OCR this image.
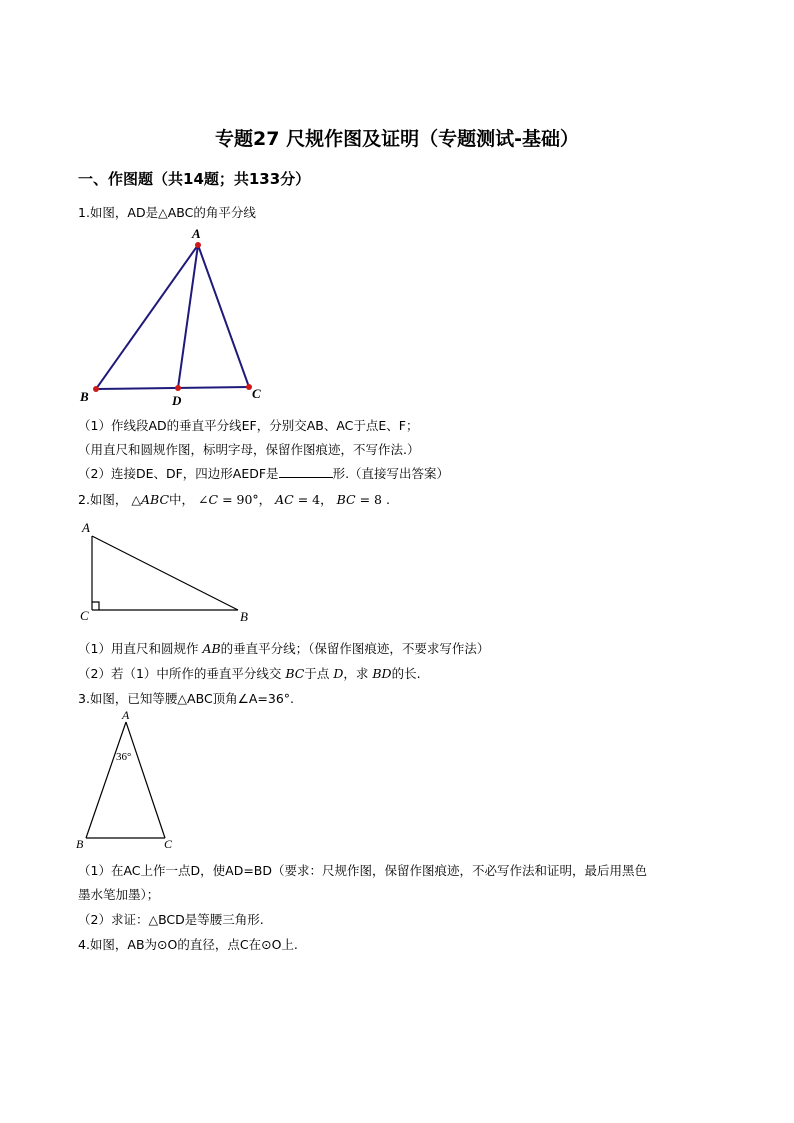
专题27 尺规作图及证明（专题测试-基础）
一、作图题（共14题；共133分）
1.如图，AD是△ABC的角平分线
A
B	C
D
（1）作线段AD的垂直平分线EF，分别交AB、AC于点E、F；
（用直尺和圆规作图，标明字母，保留作图痕迹，不写作法.）
（2）连接DE、DF，四边形AEDF是	形.（直接写出答案）
2.如图， △ABC中， ∠C = 90°， AC = 4， BC = 8 .
A
C	B
（1）用直尺和圆规作 AB的垂直平分线；（保留作图痕迹，不要求写作法）
（2）若（1）中所作的垂直平分线交 BC于点 D，求 BD的长.
3.如图，已知等腰△ABC顶角∠A=36°.
A
B	C
36°
（1）在AC上作一点D，使AD=BD（要求：尺规作图，保留作图痕迹，不必写作法和证明，最后用黑色
墨水笔加墨）；
（2）求证：△BCD是等腰三角形.
4.如图，AB为⊙O的直径，点C在⊙O上.
